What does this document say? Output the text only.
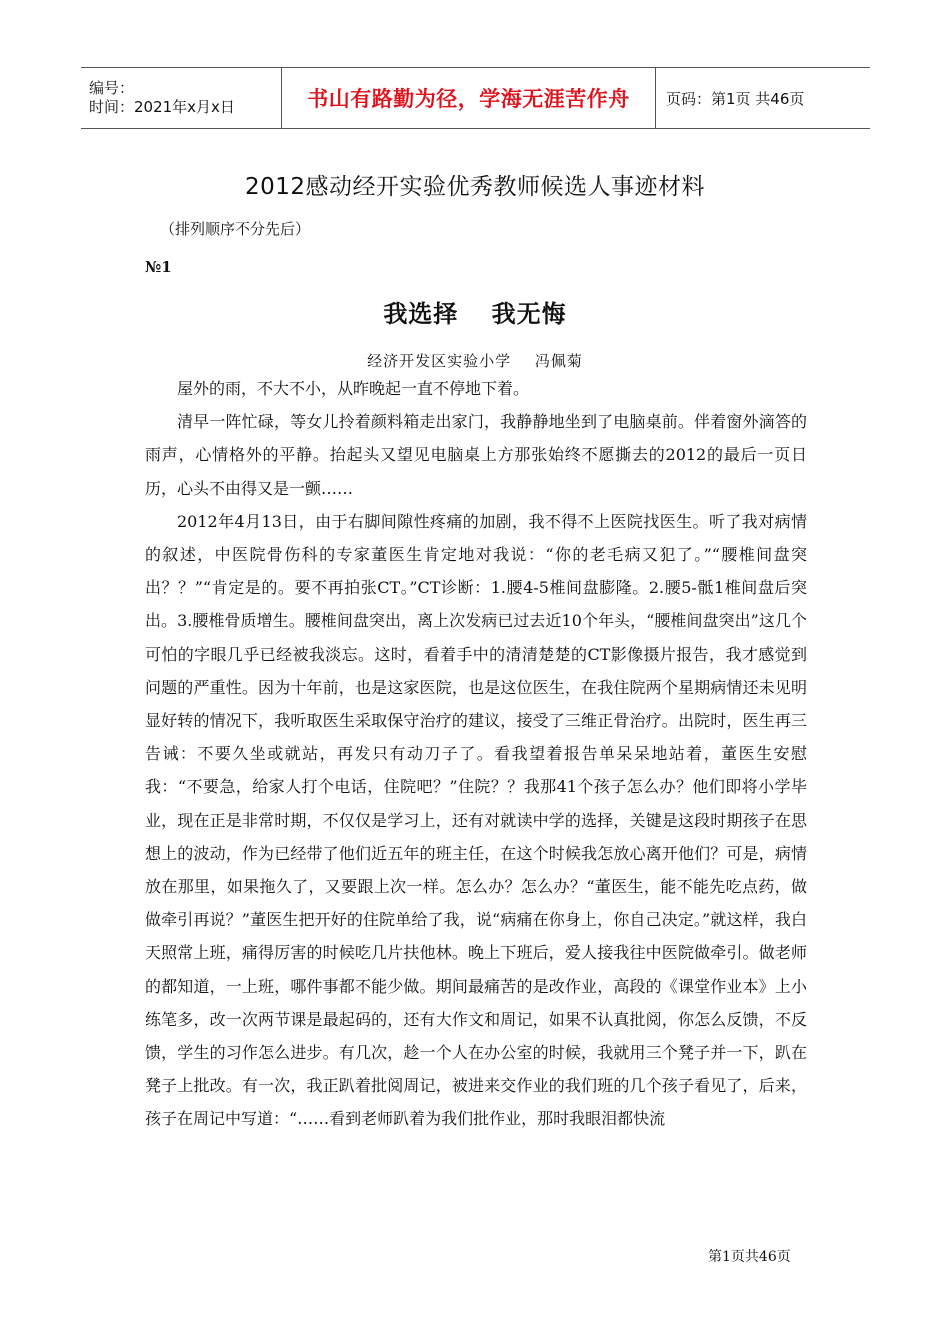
编号：
时间：2021年x月x日	书山有路勤为径，学海无涯苦作舟 页码：第1页 共46页
2012感动经开实验优秀教师候选人事迹材料
（排列顺序不分先后）
№1
我选择 我无悔
经济开发区实验小学 冯佩菊

屋外的雨，不大不小，从昨晚起一直不停地下着。

清早一阵忙碌，等女儿拎着颜料箱走出家门，我静静地坐到了电脑桌前。伴着窗外滴答的雨声，心情格外的平静。抬起头又望见电脑桌上方那张始终不愿撕去的2012的最后一页日历，心头不由得又是一颤……

2012年4月13日，由于右脚间隙性疼痛的加剧，我不得不上医院找医生。听了我对病情的叙述，中医院骨伤科的专家董医生肯定地对我说：“你的老毛病又犯了。”“腰椎间盘突出？？”“肯定是的。要不再拍张CT。”CT诊断：1.腰4-5椎间盘膨隆。2.腰5-骶1椎间盘后突出。3.腰椎骨质增生。腰椎间盘突出，离上次发病已过去近10个年头，“腰椎间盘突出”这几个可怕的字眼几乎已经被我淡忘。这时，看着手中的清清楚楚的CT影像摄片报告，我才感觉到问题的严重性。因为十年前，也是这家医院，也是这位医生，在我住院两个星期病情还未见明显好转的情况下，我听取医生采取保守治疗的建议，接受了三维正骨治疗。出院时，医生再三告诫：不要久坐或就站，再发只有动刀子了。看我望着报告单呆呆地站着，董医生安慰我：“不要急，给家人打个电话，住院吧？”住院？？我那41个孩子怎么办？他们即将小学毕业，现在正是非常时期，不仅仅是学习上，还有对就读中学的选择，关键是这段时期孩子在思想上的波动，作为已经带了他们近五年的班主任，在这个时候我怎放心离开他们？可是，病情放在那里，如果拖久了，又要跟上次一样。怎么办？怎么办？“董医生，能不能先吃点药，做做牵引再说？”董医生把开好的住院单给了我，说“病痛在你身上，你自己决定。”就这样，我白天照常上班，痛得厉害的时候吃几片扶他林。晚上下班后，爱人接我往中医院做牵引。做老师的都知道，一上班，哪件事都不能少做。期间最痛苦的是改作业，高段的《课堂作业本》上小练笔多，改一次两节课是最起码的，还有大作文和周记，如果不认真批阅，你怎么反馈，不反馈，学生的习作怎么进步。有几次，趁一个人在办公室的时候，我就用三个凳子并一下，趴在凳子上批改。有一次，我正趴着批阅周记，被进来交作业的我们班的几个孩子看见了，后来，孩子在周记中写道：“……看到老师趴着为我们批作业，那时我眼泪都快流

第1页共46页
